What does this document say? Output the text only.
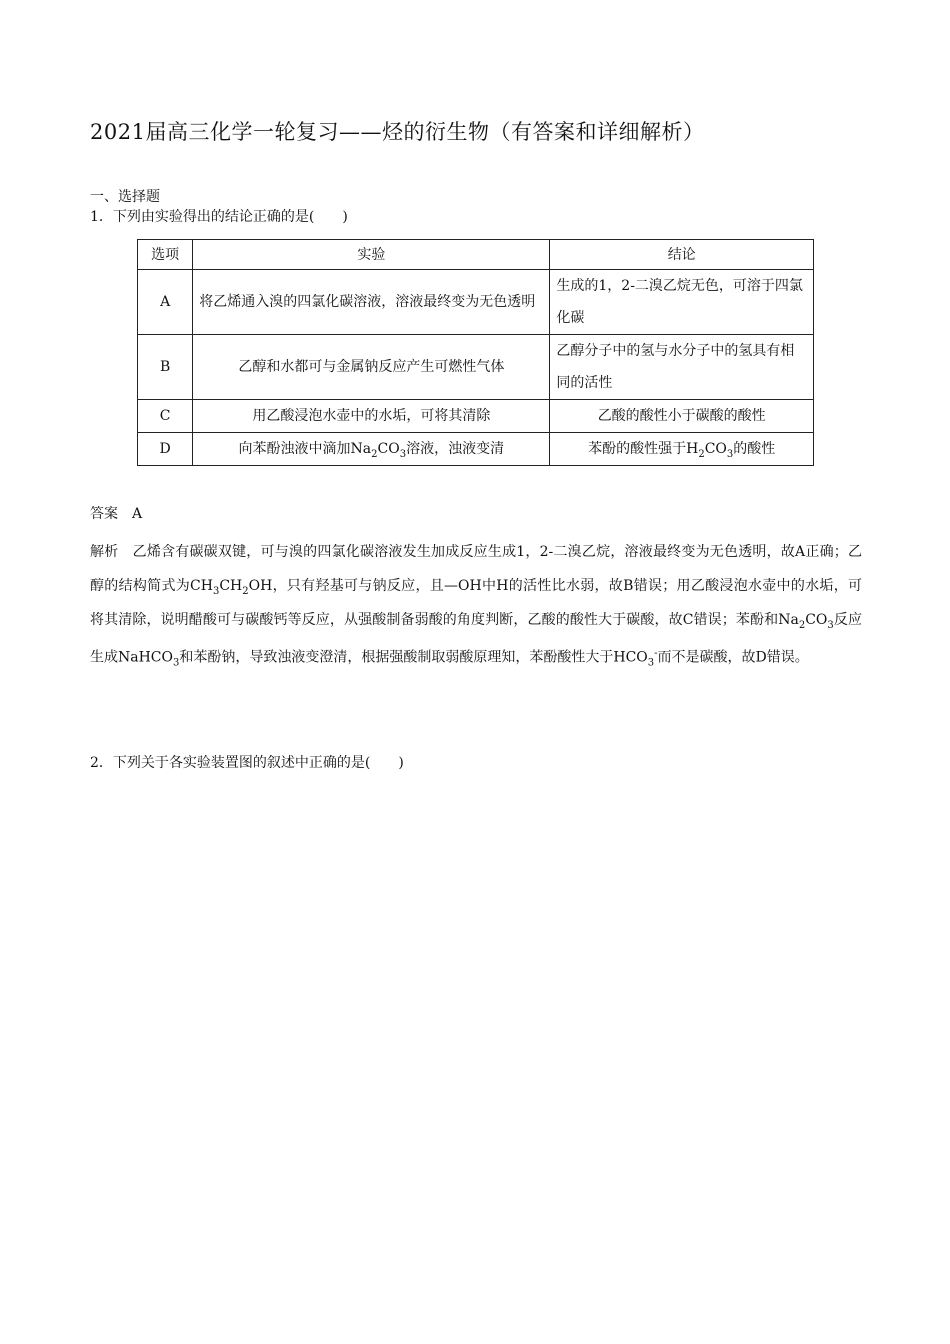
2021届高三化学一轮复习——烃的衍生物（有答案和详细解析）
一、选择题
1．下列由实验得出的结论正确的是(　　)
选项	实验	结论
A	将乙烯通入溴的四氯化碳溶液，溶液最终变为无色透明	生成的1，2-二溴乙烷无色，可溶于四氯化碳
B	乙醇和水都可与金属钠反应产生可燃性气体	乙醇分子中的氢与水分子中的氢具有相同的活性
C	用乙酸浸泡水壶中的水垢，可将其清除	乙酸的酸性小于碳酸的酸性
D	向苯酚浊液中滴加$Na_2CO_3$溶液，浊液变清	苯酚的酸性强于$H_2CO_3$的酸性
答案　A
解析　乙烯含有碳碳双键，可与溴的四氯化碳溶液发生加成反应生成1，2-二溴乙烷，溶液最终变为无色透明，故A正确；乙醇的结构简式为$CH_3CH_2OH$，只有羟基可与钠反应，且—OH中H的活性比水弱，故B错误；用乙酸浸泡水壶中的水垢，可将其清除，说明醋酸可与碳酸钙等反应，从强酸制备弱酸的角度判断，乙酸的酸性大于碳酸，故C错误；苯酚和$Na_2CO_3$反应生成NaHCO$_3$和苯酚钠，导致浊液变澄清，根据强酸制取弱酸原理知，苯酚酸性大于$HCO_3^-$而不是碳酸，故D错误。
2．下列关于各实验装置图的叙述中正确的是(　　)
